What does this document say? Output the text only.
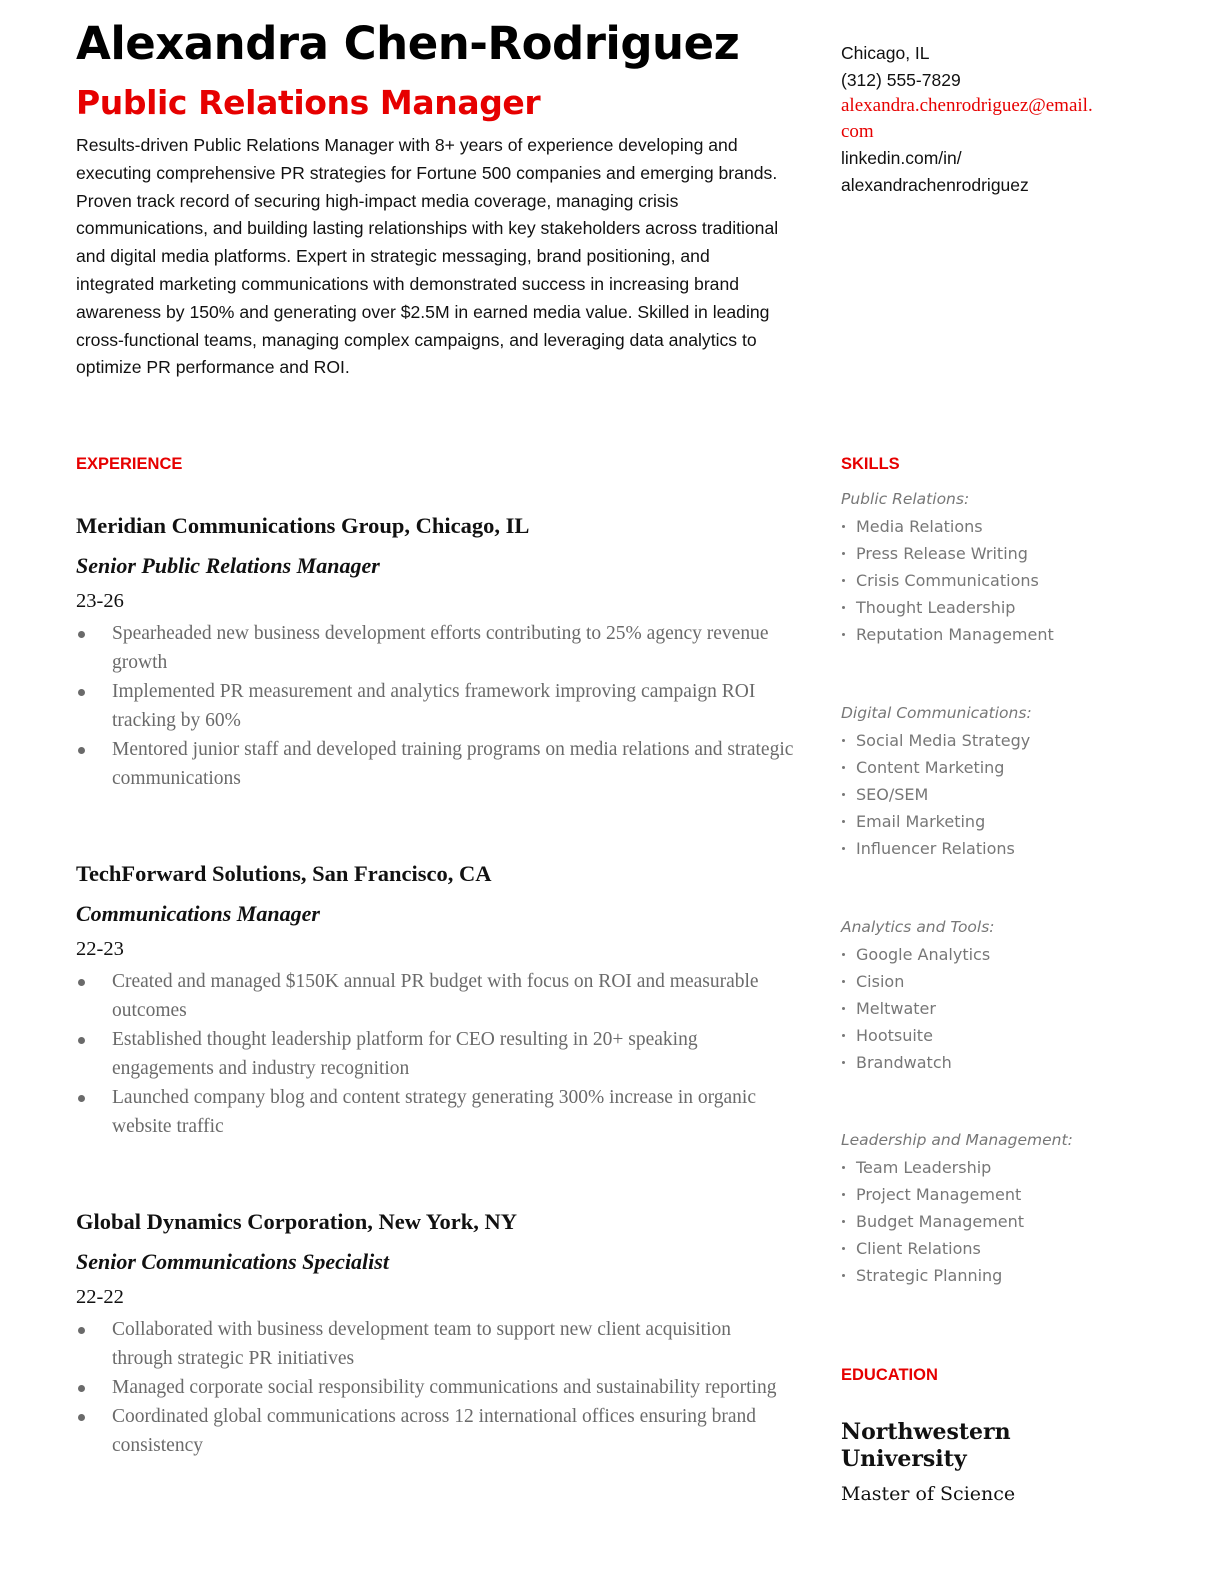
Alexandra Chen-Rodriguez
Public Relations Manager

Results-driven Public Relations Manager with 8+ years of experience developing and executing comprehensive PR strategies for Fortune 500 companies and emerging brands. Proven track record of securing high-impact media coverage, managing crisis communications, and building lasting relationships with key stakeholders across traditional and digital media platforms. Expert in strategic messaging, brand positioning, and integrated marketing communications with demonstrated success in increasing brand awareness by 150% and generating over $2.5M in earned media value. Skilled in leading cross-functional teams, managing complex campaigns, and leveraging data analytics to optimize PR performance and ROI.

Chicago, IL
(312) 555-7829
alexandra.chenrodriguez@email.com
linkedin.com/in/
alexandrachenrodriguez
EXPERIENCE
Meridian Communications Group, Chicago, IL
Senior Public Relations Manager
23-26
Spearheaded new business development efforts contributing to 25% agency revenue growth
Implemented PR measurement and analytics framework improving campaign ROI tracking by 60%
Mentored junior staff and developed training programs on media relations and strategic communications
TechForward Solutions, San Francisco, CA
Communications Manager
22-23
Created and managed $150K annual PR budget with focus on ROI and measurable outcomes
Established thought leadership platform for CEO resulting in 20+ speaking engagements and industry recognition
Launched company blog and content strategy generating 300% increase in organic website traffic
Global Dynamics Corporation, New York, NY
Senior Communications Specialist
22-22
Collaborated with business development team to support new client acquisition through strategic PR initiatives
Managed corporate social responsibility communications and sustainability reporting
Coordinated global communications across 12 international offices ensuring brand consistency
SKILLS
Public Relations:
Media Relations
Press Release Writing
Crisis Communications
Thought Leadership
Reputation Management
Digital Communications:
Social Media Strategy
Content Marketing
SEO/SEM
Email Marketing
Influencer Relations
Analytics and Tools:
Google Analytics
Cision
Meltwater
Hootsuite
Brandwatch
Leadership and Management:
Team Leadership
Project Management
Budget Management
Client Relations
Strategic Planning
EDUCATION
Northwestern University
Master of Science
